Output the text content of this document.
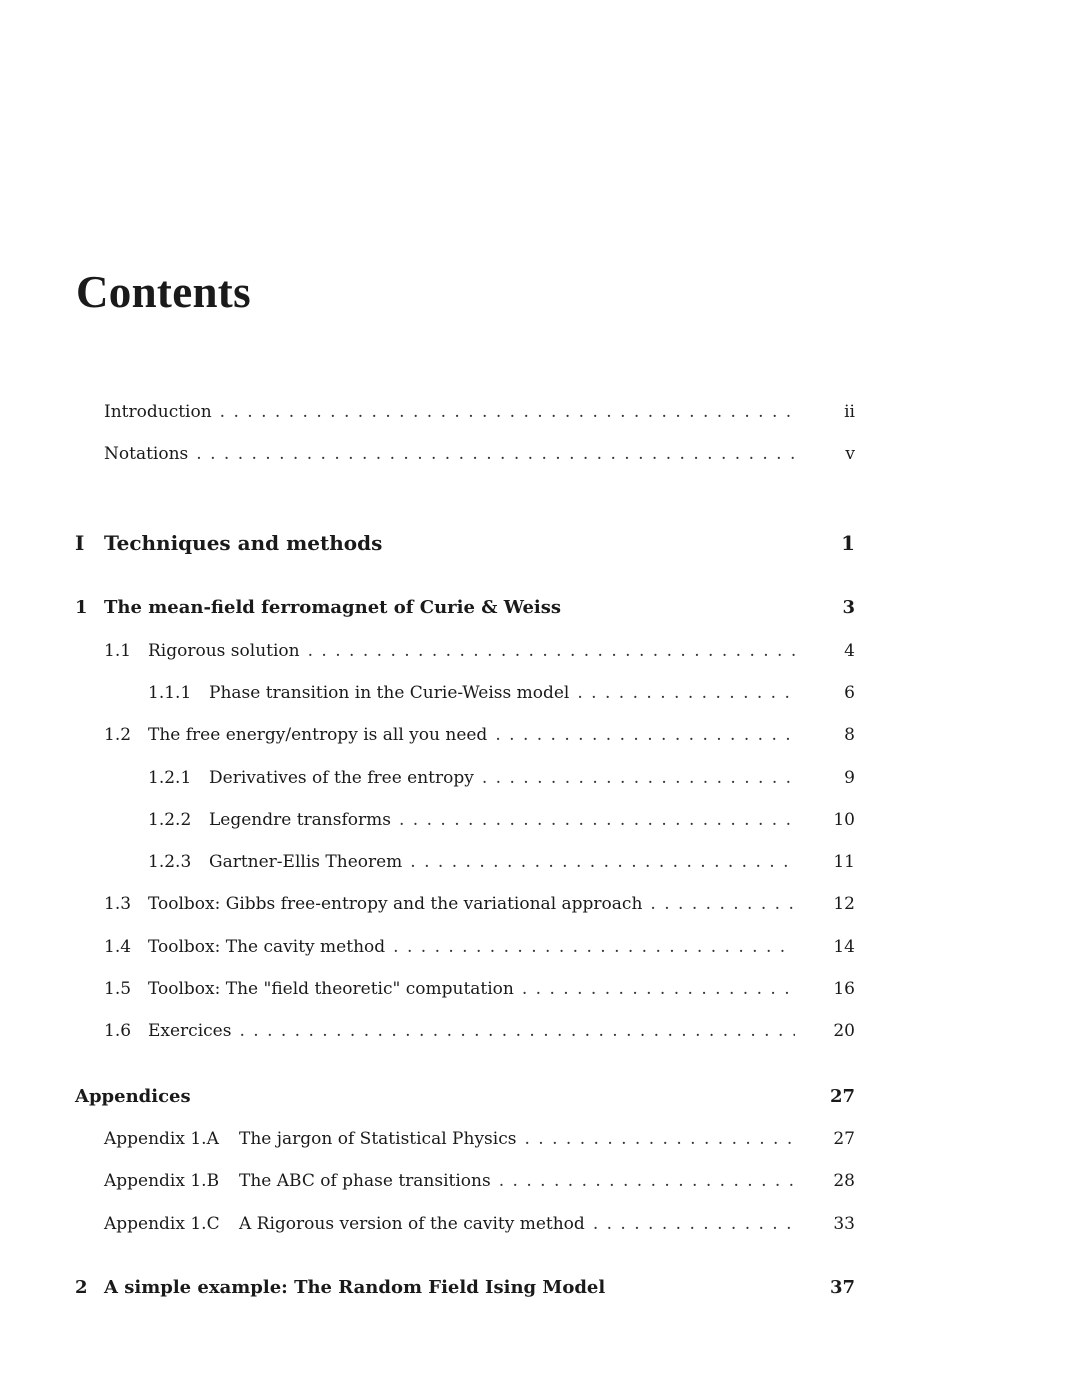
Contents
Introduction . . .	ii
Notations . . .	v
I Techniques and methods	1
1 The mean-field ferromagnet of Curie & Weiss	3
1.1 Rigorous solution . . .	4
1.1.1	Phase transition in the Curie-Weiss model . . .	6
1.2 The free energy/entropy is all you need . . .	8
1.2.1	Derivatives of the free entropy . . .	9
1.2.2	Legendre transforms . . .	10
1.2.3	Gartner-Ellis Theorem . . .	11
1.3 Toolbox: Gibbs free-entropy and the variational approach . . .	12
1.4 Toolbox: The cavity method . . .	14
1.5 Toolbox: The "field theoretic" computation . . .	16
1.6 Exercices . . .	20
Appendices	27
Appendix 1.A	The jargon of Statistical Physics . . .	27
Appendix 1.B	The ABC of phase transitions . . .	28
Appendix 1.C	A Rigorous version of the cavity method . . .	33
2 A simple example: The Random Field Ising Model	37
